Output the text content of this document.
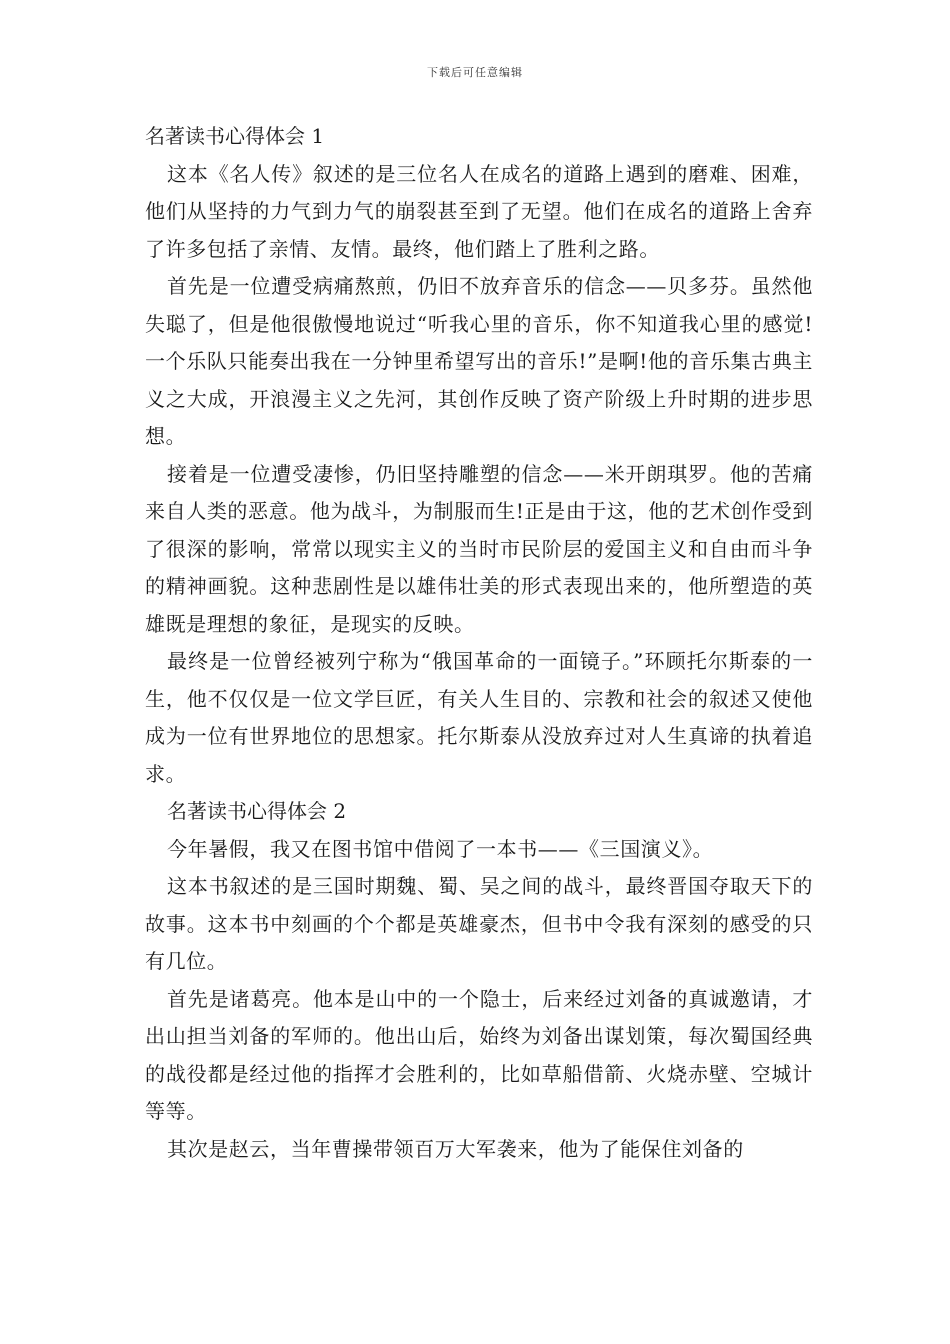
下载后可任意编辑

名著读书心得体会 1

这本《名人传》叙述的是三位名人在成名的道路上遇到的磨难、困难，他们从坚持的力气到力气的崩裂甚至到了无望。他们在成名的道路上舍弃了许多包括了亲情、友情。最终，他们踏上了胜利之路。

首先是一位遭受病痛熬煎，仍旧不放弃音乐的信念——贝多芬。虽然他失聪了，但是他很傲慢地说过“听我心里的音乐，你不知道我心里的感觉!一个乐队只能奏出我在一分钟里希望写出的音乐!”是啊!他的音乐集古典主义之大成，开浪漫主义之先河，其创作反映了资产阶级上升时期的进步思想。

接着是一位遭受凄惨，仍旧坚持雕塑的信念——米开朗琪罗。他的苦痛来自人类的恶意。他为战斗，为制服而生!正是由于这，他的艺术创作受到了很深的影响，常常以现实主义的当时市民阶层的爱国主义和自由而斗争的精神画貌。这种悲剧性是以雄伟壮美的形式表现出来的，他所塑造的英雄既是理想的象征，是现实的反映。

最终是一位曾经被列宁称为“俄国革命的一面镜子。”环顾托尔斯泰的一生，他不仅仅是一位文学巨匠，有关人生目的、宗教和社会的叙述又使他成为一位有世界地位的思想家。托尔斯泰从没放弃过对人生真谛的执着追求。

名著读书心得体会 2

今年暑假，我又在图书馆中借阅了一本书——《三国演义》。

这本书叙述的是三国时期魏、蜀、吴之间的战斗，最终晋国夺取天下的故事。这本书中刻画的个个都是英雄豪杰，但书中令我有深刻的感受的只有几位。

首先是诸葛亮。他本是山中的一个隐士，后来经过刘备的真诚邀请，才出山担当刘备的军师的。他出山后，始终为刘备出谋划策，每次蜀国经典的战役都是经过他的指挥才会胜利的，比如草船借箭、火烧赤壁、空城计等等。

其次是赵云，当年曹操带领百万大军袭来，他为了能保住刘备的
